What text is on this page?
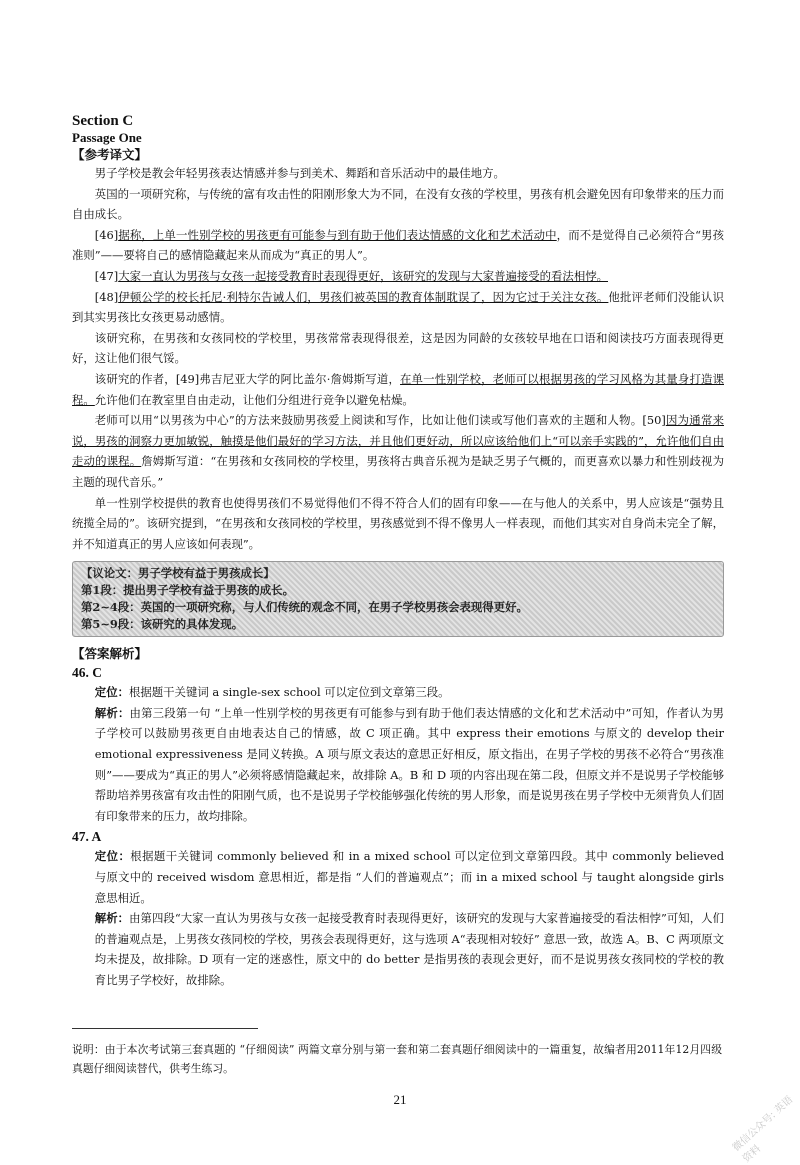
Section C
Passage One
【参考译文】

男子学校是教会年轻男孩表达情感并参与到美术、舞蹈和音乐活动中的最佳地方。

英国的一项研究称，与传统的富有攻击性的阳刚形象大为不同，在没有女孩的学校里，男孩有机会避免因有印象带来的压力而自由成长。

[46]据称，上单一性别学校的男孩更有可能参与到有助于他们表达情感的文化和艺术活动中，而不是觉得自己必须符合“男孩准则”——要将自己的感情隐藏起来从而成为“真正的男人”。

[47]大家一直认为男孩与女孩一起接受教育时表现得更好，该研究的发现与大家普遍接受的看法相悖。

[48]伊顿公学的校长托尼·利特尔告诫人们，男孩们被英国的教育体制耽误了，因为它过于关注女孩。他批评老师们没能认识到其实男孩比女孩更易动感情。

该研究称，在男孩和女孩同校的学校里，男孩常常表现得很差，这是因为同龄的女孩较早地在口语和阅读技巧方面表现得更好，这让他们很气馁。

该研究的作者，[49]弗吉尼亚大学的阿比盖尔·詹姆斯写道，在单一性别学校，老师可以根据男孩的学习风格为其量身打造课程。允许他们在教室里自由走动，让他们分组进行竞争以避免枯燥。

老师可以用“以男孩为中心”的方法来鼓励男孩爱上阅读和写作，比如让他们读或写他们喜欢的主题和人物。[50]因为通常来说，男孩的洞察力更加敏锐，触摸是他们最好的学习方法，并且他们更好动，所以应该给他们上“可以亲手实践的”，允许他们自由走动的课程。詹姆斯写道：“在男孩和女孩同校的学校里，男孩将古典音乐视为是缺乏男子气概的，而更喜欢以暴力和性别歧视为主题的现代音乐。”

单一性别学校提供的教育也使得男孩们不易觉得他们不得不符合人们的固有印象——在与他人的关系中，男人应该是“强势且统揽全局的”。该研究提到，“在男孩和女孩同校的学校里，男孩感觉到不得不像男人一样表现，而他们其实对自身尚未完全了解，并不知道真正的男人应该如何表现”。

【议论文：男子学校有益于男孩成长】
第1段：提出男子学校有益于男孩的成长。
第2~4段：英国的一项研究称，与人们传统的观念不同，在男子学校男孩会表现得更好。
第5~9段：该研究的具体发现。
【答案解析】
46. C

定位：根据题干关键词 a single-sex school 可以定位到文章第三段。

解析：由第三段第一句 “上单一性别学校的男孩更有可能参与到有助于他们表达情感的文化和艺术活动中”可知，作者认为男子学校可以鼓励男孩更自由地表达自己的情感，故 C 项正确。其中 express their emotions 与原文的 develop their emotional expressiveness 是同义转换。A 项与原文表达的意思正好相反，原文指出，在男子学校的男孩不必符合“男孩准则”——要成为“真正的男人”必须将感情隐藏起来，故排除 A。B 和 D 项的内容出现在第二段，但原文并不是说男子学校能够帮助培养男孩富有攻击性的阳刚气质，也不是说男子学校能够强化传统的男人形象，而是说男孩在男子学校中无须背负人们固有印象带来的压力，故均排除。

47. A

定位：根据题干关键词 commonly believed 和 in a mixed school 可以定位到文章第四段。其中 commonly believed 与原文中的 received wisdom 意思相近，都是指 “人们的普遍观点”；而 in a mixed school 与 taught alongside girls 意思相近。

解析：由第四段“大家一直认为男孩与女孩一起接受教育时表现得更好，该研究的发现与大家普遍接受的看法相悖”可知，人们的普遍观点是，上男孩女孩同校的学校，男孩会表现得更好，这与选项 A“表现相对较好” 意思一致，故选 A。B、C 两项原文均未提及，故排除。D 项有一定的迷惑性，原文中的 do better 是指男孩的表现会更好，而不是说男孩女孩同校的学校的教育比男子学校好，故排除。

说明：由于本次考试第三套真题的 “仔细阅读” 两篇文章分别与第一套和第二套真题仔细阅读中的一篇重复，故编者用2011年12月四级真题仔细阅读替代，供考生练习。
21	微信公众号: 英语资料
